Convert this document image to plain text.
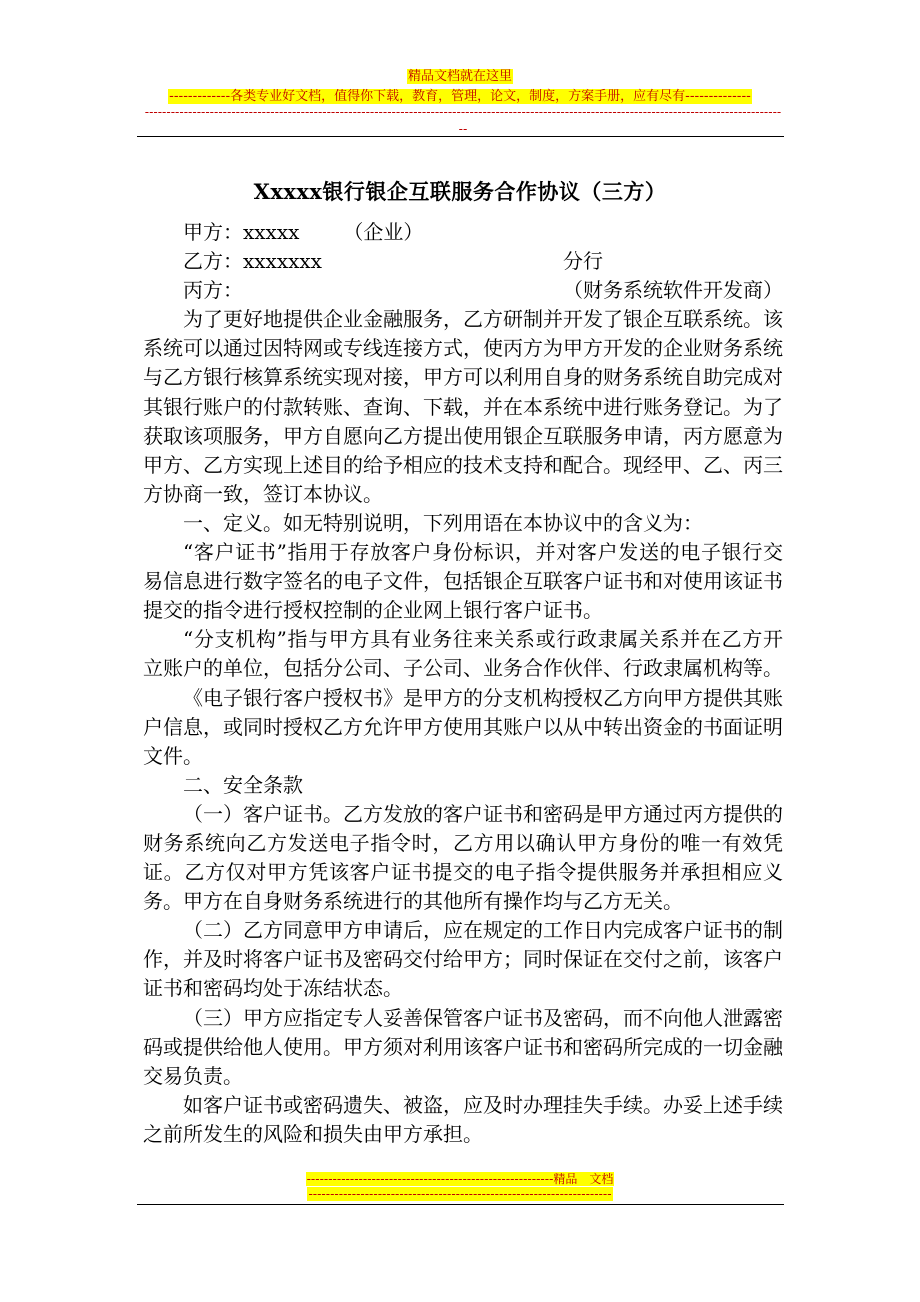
精品文档就在这里
-------------各类专业好文档，值得你下载，教育，管理，论文，制度，方案手册，应有尽有--------------
---------------------------------------------------------------------------------------------------------------------------------------------------
--
Xxxxx银行银企互联服务合作协议（三方）
甲方：xxxxx （企业）
乙方：xxxxxxx	分行
丙方：	（财务系统软件开发商）

为了更好地提供企业金融服务，乙方研制并开发了银企互联系统。该系统可以通过因特网或专线连接方式，使丙方为甲方开发的企业财务系统与乙方银行核算系统实现对接，甲方可以利用自身的财务系统自助完成对其银行账户的付款转账、查询、下载，并在本系统中进行账务登记。为了获取该项服务，甲方自愿向乙方提出使用银企互联服务申请，丙方愿意为甲方、乙方实现上述目的给予相应的技术支持和配合。现经甲、乙、丙三方协商一致，签订本协议。

一、定义。如无特别说明，下列用语在本协议中的含义为：

“客户证书”指用于存放客户身份标识，并对客户发送的电子银行交易信息进行数字签名的电子文件，包括银企互联客户证书和对使用该证书提交的指令进行授权控制的企业网上银行客户证书。

“分支机构”指与甲方具有业务往来关系或行政隶属关系并在乙方开立账户的单位，包括分公司、子公司、业务合作伙伴、行政隶属机构等。

《电子银行客户授权书》是甲方的分支机构授权乙方向甲方提供其账户信息，或同时授权乙方允许甲方使用其账户以从中转出资金的书面证明文件。

二、安全条款

（一）客户证书。乙方发放的客户证书和密码是甲方通过丙方提供的财务系统向乙方发送电子指令时，乙方用以确认甲方身份的唯一有效凭证。乙方仅对甲方凭该客户证书提交的电子指令提供服务并承担相应义务。甲方在自身财务系统进行的其他所有操作均与乙方无关。

（二）乙方同意甲方申请后，应在规定的工作日内完成客户证书的制作，并及时将客户证书及密码交付给甲方；同时保证在交付之前，该客户证书和密码均处于冻结状态。

（三）甲方应指定专人妥善保管客户证书及密码，而不向他人泄露密码或提供给他人使用。甲方须对利用该客户证书和密码所完成的一切金融交易负责。

如客户证书或密码遗失、被盗，应及时办理挂失手续。办妥上述手续之前所发生的风险和损失由甲方承担。

---------------------------------------------------------精品　文档
----------------------------------------------------------------------
